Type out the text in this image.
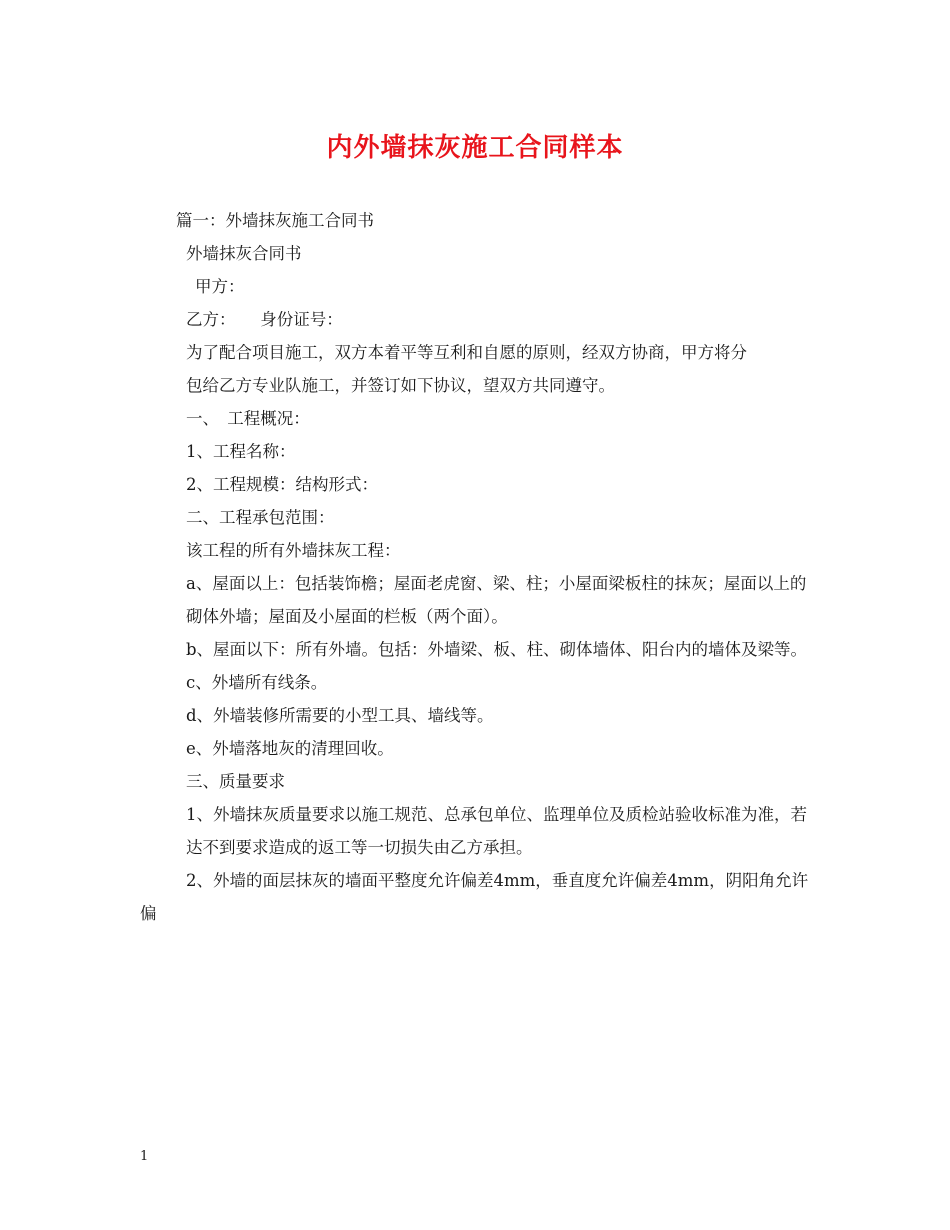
内外墙抹灰施工合同样本

篇一：外墙抹灰施工合同书

外墙抹灰合同书

甲方：

乙方：　　身份证号：

为了配合项目施工，双方本着平等互利和自愿的原则，经双方协商，甲方将分

包给乙方专业队施工，并签订如下协议，望双方共同遵守。

一、　工程概况：

1、工程名称：

2、工程规模：结构形式：

二、工程承包范围：

该工程的所有外墙抹灰工程：

a、屋面以上：包括装饰檐；屋面老虎窗、梁、柱；小屋面梁板柱的抹灰；屋面以上的

砌体外墙；屋面及小屋面的栏板（两个面）。

b、屋面以下：所有外墙。包括：外墙梁、板、柱、砌体墙体、阳台内的墙体及梁等。

c、外墙所有线条。

d、外墙装修所需要的小型工具、墙线等。

e、外墙落地灰的清理回收。

三、质量要求

1、外墙抹灰质量要求以施工规范、总承包单位、监理单位及质检站验收标准为准，若

达不到要求造成的返工等一切损失由乙方承担。

2、外墙的面层抹灰的墙面平整度允许偏差4mm，垂直度允许偏差4mm，阴阳角允许偏

1
